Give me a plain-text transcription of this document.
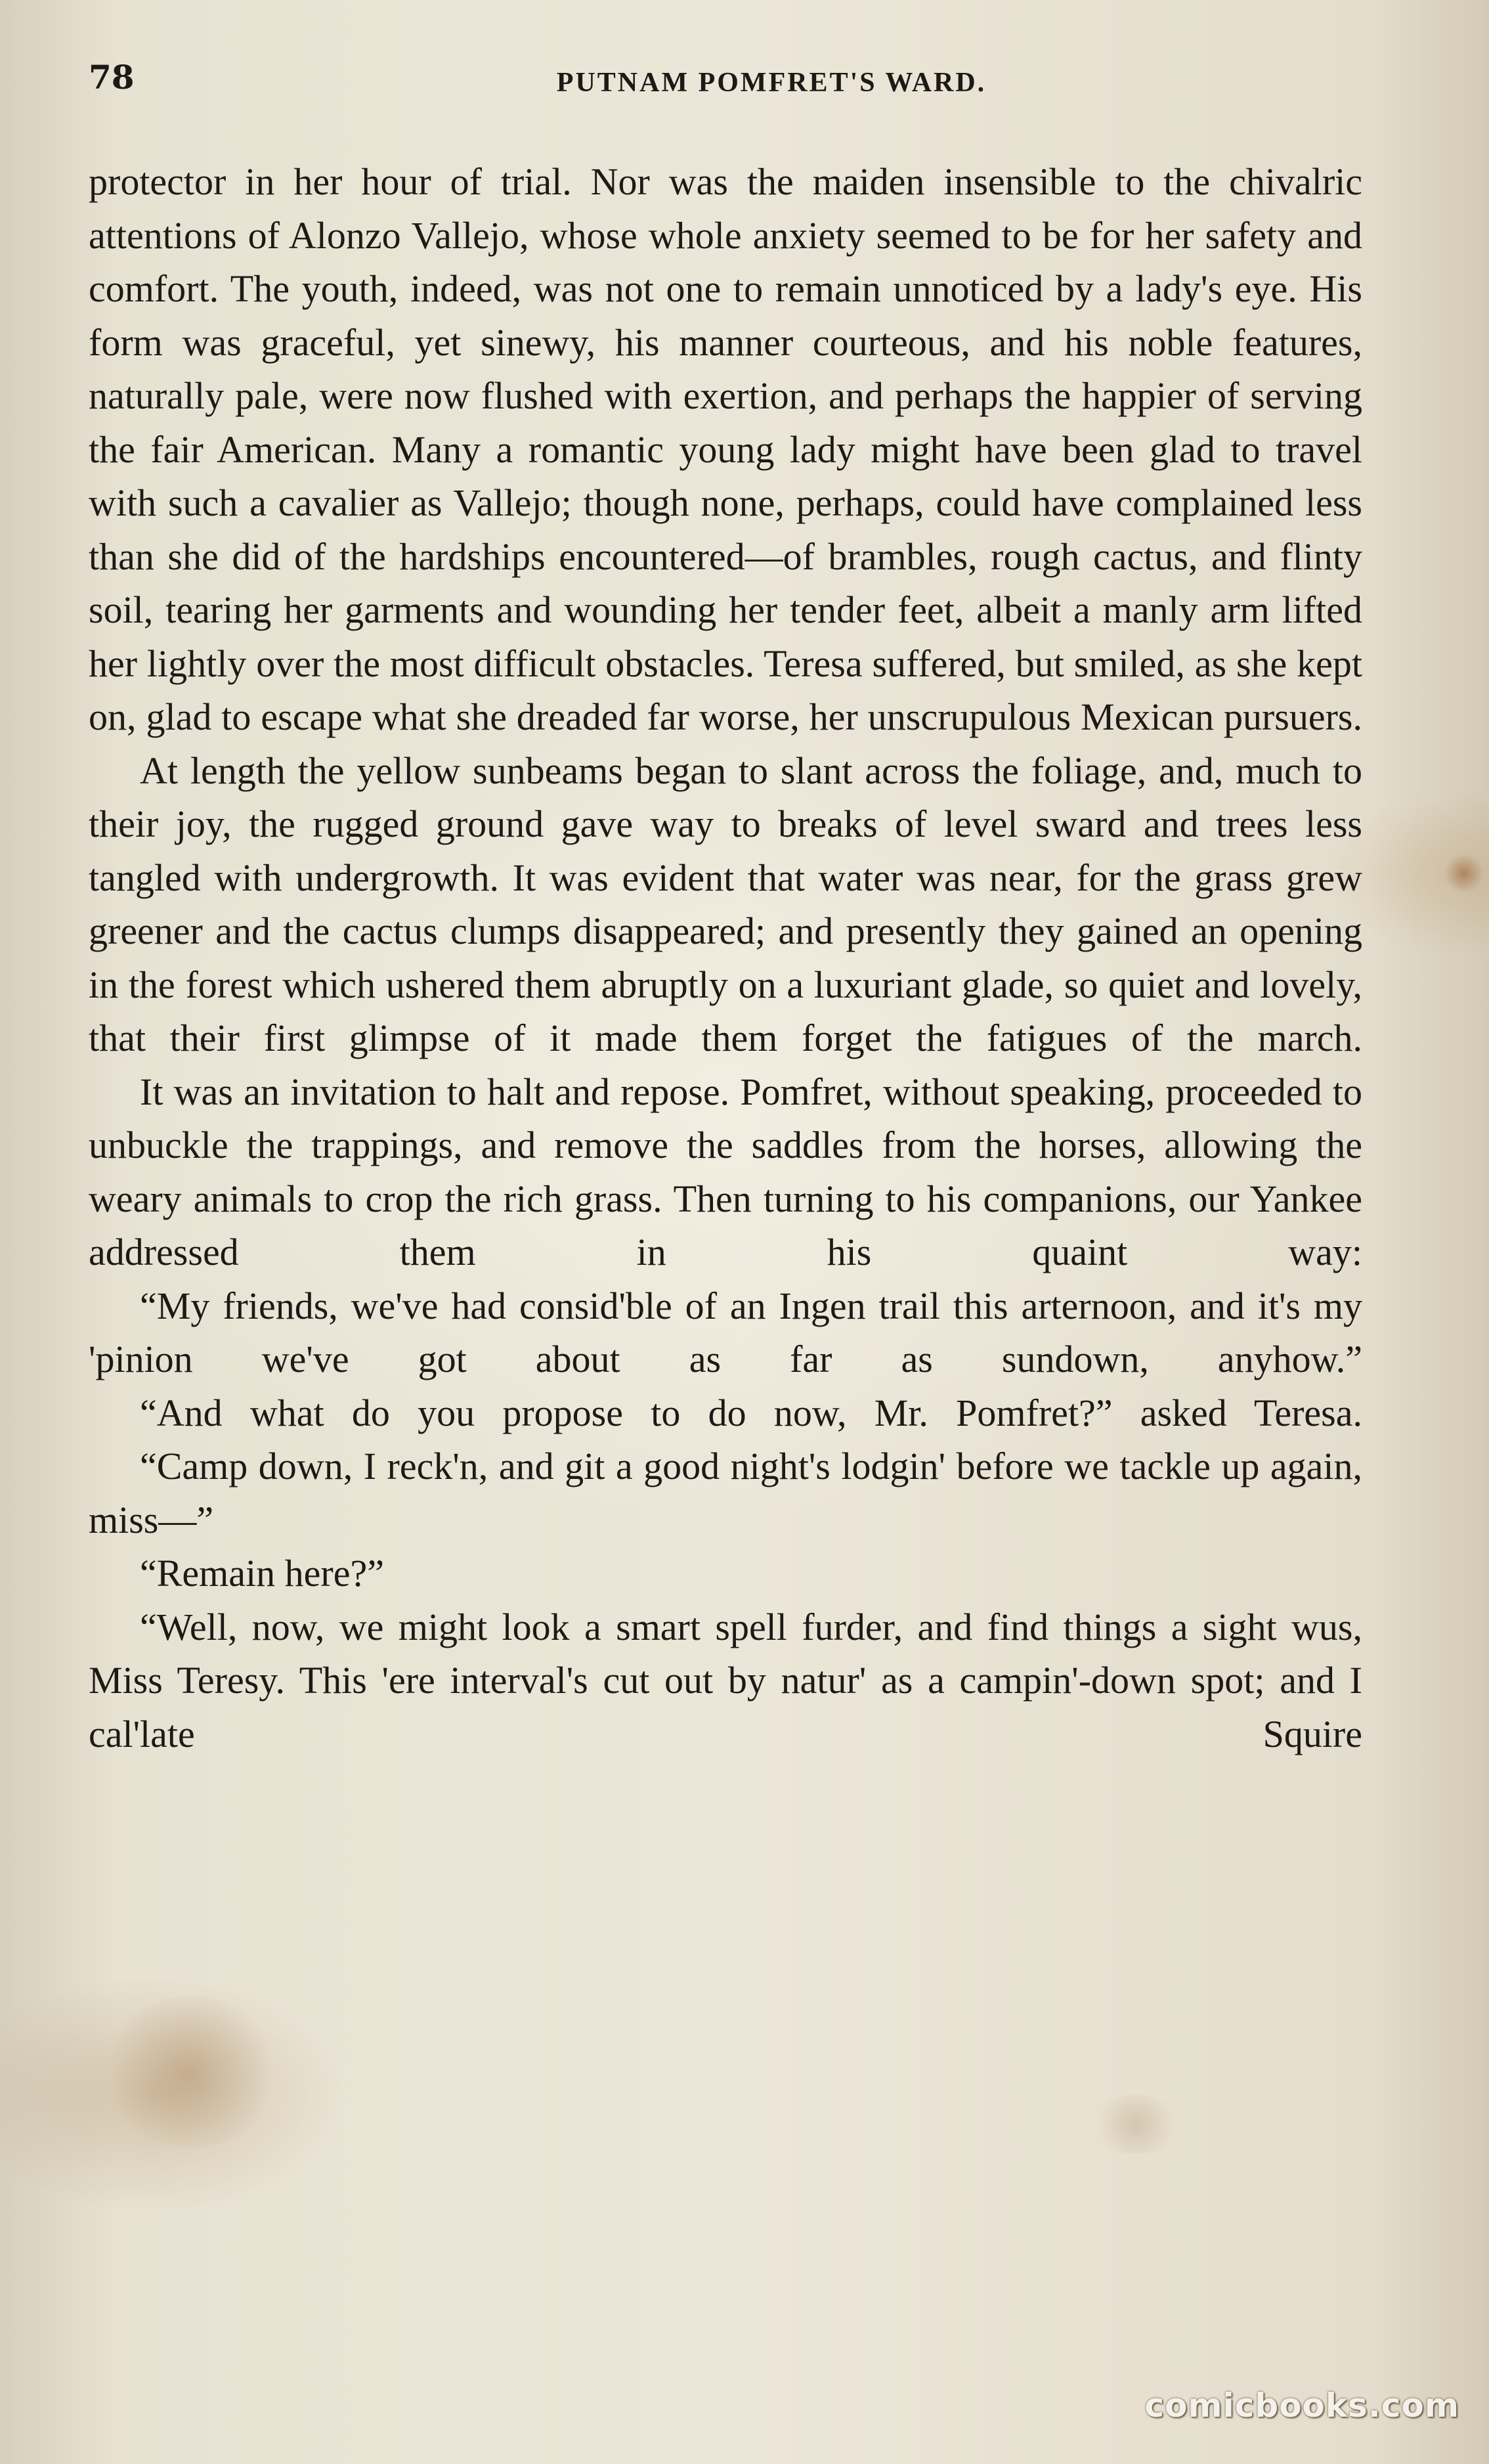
78	PUTNAM POMFRET'S WARD.

protector in her hour of trial. Nor was the maiden insensible to the chivalric attentions of Alonzo Vallejo, whose whole anxiety seemed to be for her safety and comfort. The youth, indeed, was not one to remain unnoticed by a lady's eye. His form was graceful, yet sinewy, his manner courteous, and his noble features, naturally pale, were now flushed with exertion, and perhaps the happier of serving the fair American. Many a romantic young lady might have been glad to travel with such a cavalier as Vallejo; though none, perhaps, could have complained less than she did of the hardships encountered—of brambles, rough cactus, and flinty soil, tearing her garments and wounding her tender feet, albeit a manly arm lifted her lightly over the most difficult obstacles. Teresa suffered, but smiled, as she kept on, glad to escape what she dreaded far worse, her unscrupulous Mexican pursuers.

At length the yellow sunbeams began to slant across the foliage, and, much to their joy, the rugged ground gave way to breaks of level sward and trees less tangled with undergrowth. It was evident that water was near, for the grass grew greener and the cactus clumps disappeared; and presently they gained an opening in the forest which ushered them abruptly on a luxuriant glade, so quiet and lovely, that their first glimpse of it made them forget the fatigues of the march.

It was an invitation to halt and repose. Pomfret, without speaking, proceeded to unbuckle the trappings, and remove the saddles from the horses, allowing the weary animals to crop the rich grass. Then turning to his companions, our Yankee addressed them in his quaint way:

“My friends, we've had consid'ble of an Ingen trail this arternoon, and it's my 'pinion we've got about as far as sundown, anyhow.”

“And what do you propose to do now, Mr. Pomfret?” asked Teresa.

“Camp down, I reck'n, and git a good night's lodgin' before we tackle up again, miss—”

“Remain here?”

“Well, now, we might look a smart spell furder, and find things a sight wus, Miss Teresy. This 'ere interval's cut out by natur' as a campin'-down spot; and I cal'late Squire

comicbooks.com
